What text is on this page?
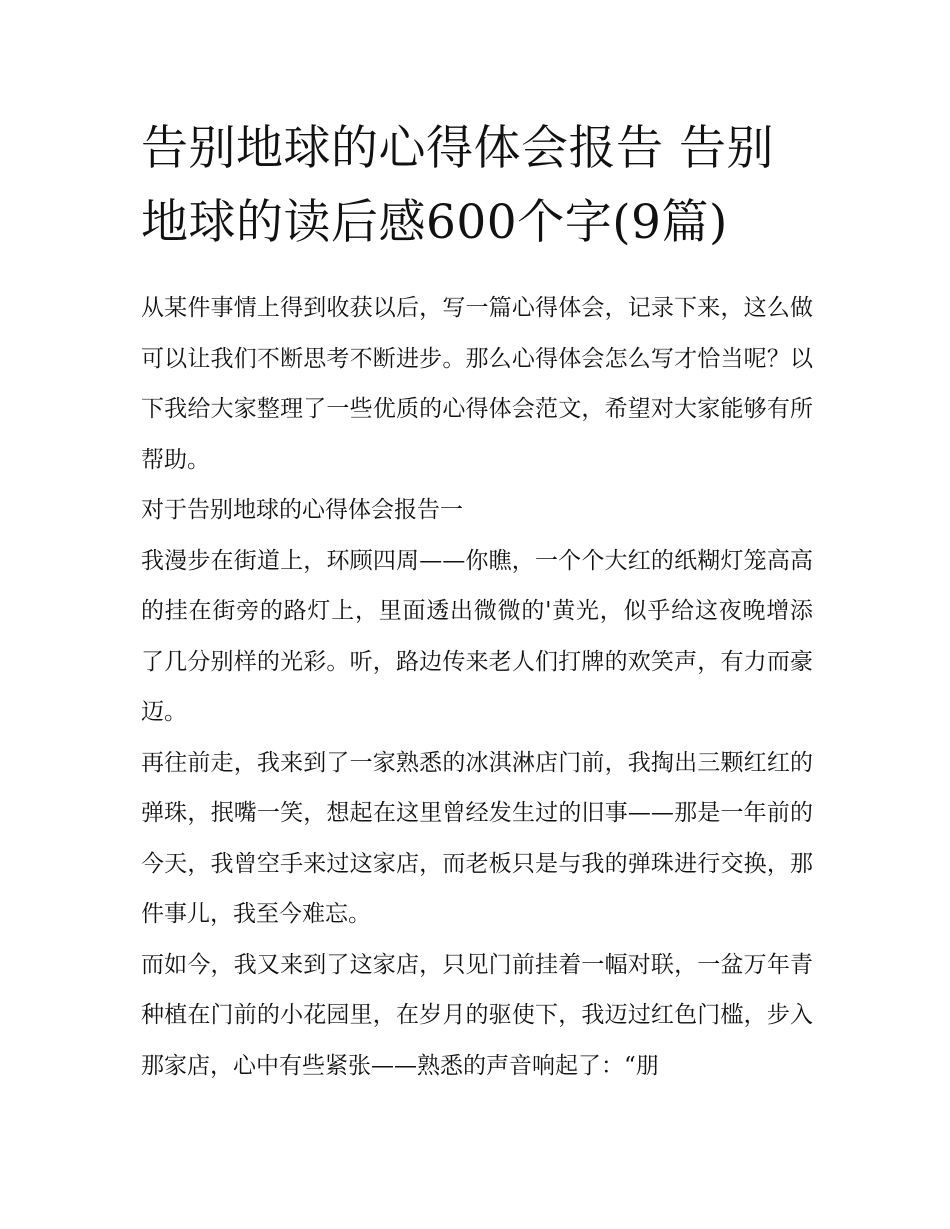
告别地球的心得体会报告 告别地球的读后感600个字(9篇)

从某件事情上得到收获以后，写一篇心得体会，记录下来，这么做可以让我们不断思考不断进步。那么心得体会怎么写才恰当呢？以下我给大家整理了一些优质的心得体会范文，希望对大家能够有所帮助。

对于告别地球的心得体会报告一

我漫步在街道上，环顾四周——你瞧，一个个大红的纸糊灯笼高高的挂在街旁的路灯上，里面透出微微的'黄光，似乎给这夜晚增添了几分别样的光彩。听，路边传来老人们打牌的欢笑声，有力而豪迈。

再往前走，我来到了一家熟悉的冰淇淋店门前，我掏出三颗红红的弹珠，抿嘴一笑，想起在这里曾经发生过的旧事——那是一年前的今天，我曾空手来过这家店，而老板只是与我的弹珠进行交换，那件事儿，我至今难忘。

而如今，我又来到了这家店，只见门前挂着一幅对联，一盆万年青种植在门前的小花园里，在岁月的驱使下，我迈过红色门槛，步入那家店，心中有些紧张——熟悉的声音响起了：“朋
